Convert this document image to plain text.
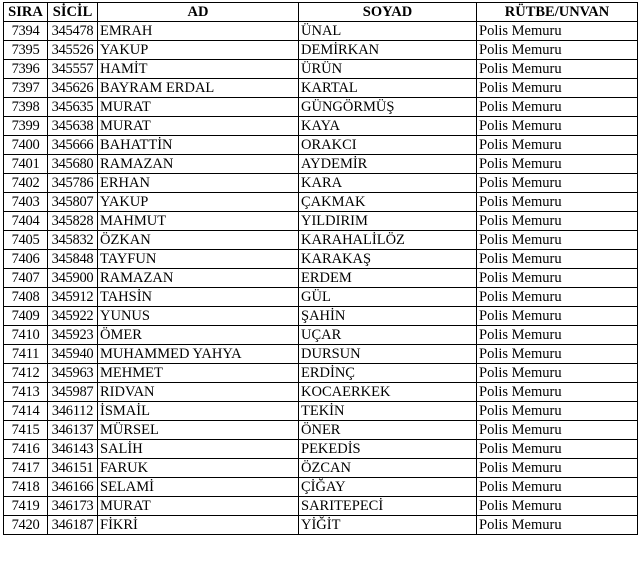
SIRA	SİCİL	AD	SOYAD	RÜTBE/UNVAN
7394	345478	EMRAH	ÜNAL	Polis Memuru
7395	345526	YAKUP	DEMİRKAN	Polis Memuru
7396	345557	HAMİT	ÜRÜN	Polis Memuru
7397	345626	BAYRAM ERDAL	KARTAL	Polis Memuru
7398	345635	MURAT	GÜNGÖRMÜŞ	Polis Memuru
7399	345638	MURAT	KAYA	Polis Memuru
7400	345666	BAHATTİN	ORAKCI	Polis Memuru
7401	345680	RAMAZAN	AYDEMİR	Polis Memuru
7402	345786	ERHAN	KARA	Polis Memuru
7403	345807	YAKUP	ÇAKMAK	Polis Memuru
7404	345828	MAHMUT	YILDIRIM	Polis Memuru
7405	345832	ÖZKAN	KARAHALİLÖZ	Polis Memuru
7406	345848	TAYFUN	KARAKAŞ	Polis Memuru
7407	345900	RAMAZAN	ERDEM	Polis Memuru
7408	345912	TAHSİN	GÜL	Polis Memuru
7409	345922	YUNUS	ŞAHİN	Polis Memuru
7410	345923	ÖMER	UÇAR	Polis Memuru
7411	345940	MUHAMMED YAHYA	DURSUN	Polis Memuru
7412	345963	MEHMET	ERDİNÇ	Polis Memuru
7413	345987	RIDVAN	KOCAERKEK	Polis Memuru
7414	346112	İSMAİL	TEKİN	Polis Memuru
7415	346137	MÜRSEL	ÖNER	Polis Memuru
7416	346143	SALİH	PEKEDİS	Polis Memuru
7417	346151	FARUK	ÖZCAN	Polis Memuru
7418	346166	SELAMİ	ÇİĞAY	Polis Memuru
7419	346173	MURAT	SARITEPECİ	Polis Memuru
7420	346187	FİKRİ	YİĞİT	Polis Memuru
